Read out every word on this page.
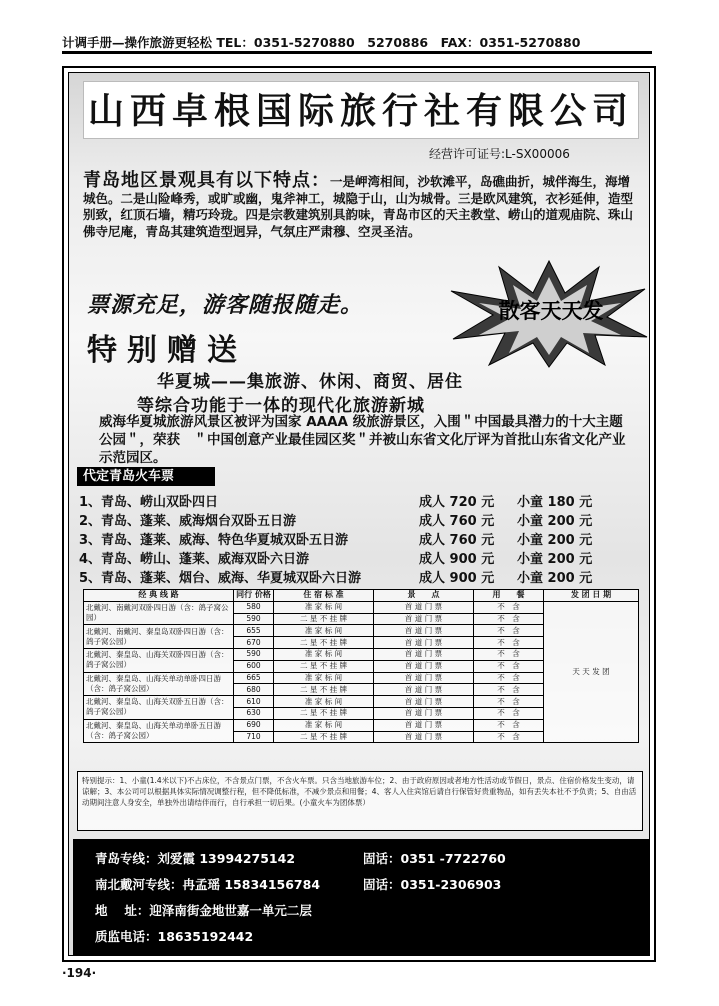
计调手册—操作旅游更轻松 TEL：0351-5270880　5270886　FAX：0351-5270880
山西卓根国际旅行社有限公司
经营许可证号:L-SX00006
青岛地区景观具有以下特点：一是岬湾相间，沙软滩平，岛礁曲折，城伴海生，海增城色。二是山险峰秀，或旷或幽，鬼斧神工，城隐于山，山为城骨。三是欧风建筑，衣衫延伸，造型别致，红顶石墙，精巧玲珑。四是宗教建筑别具韵味，青岛市区的天主教堂、崂山的道观庙院、珠山佛寺尼庵，青岛其建筑造型迥异，气氛庄严肃穆、空灵圣洁。
散客天天发
票源充足，游客随报随走。
特别赠送
华夏城——集旅游、休闲、商贸、居住
等综合功能于一体的现代化旅游新城
威海华夏城旅游风景区被评为国家 AAAA 级旅游景区，入围＂中国最具潜力的十大主题公园＂，荣获　＂中国创意产业最佳园区奖＂并被山东省文化厅评为首批山东省文化产业示范园区。
代定青岛火车票
1、青岛、崂山双卧四日	成人 720 元 小童 180 元
2、青岛、蓬莱、威海烟台双卧五日游	成人 760 元 小童 200 元
3、青岛、蓬莱、威海、特色华夏城双卧五日游	成人 760 元 小童 200 元
4、青岛、崂山、蓬莱、威海双卧六日游	成人 900 元 小童 200 元
5、青岛、蓬莱、烟台、威海、华夏城双卧六日游	成人 900 元 小童 200 元
经 典 线 路	同行 价格	住 宿 标 准	景　　点	用　　餐	发 团 日 期
北戴河、南戴河双卧四日游（含：鸽子窝公园）	580	准 家 标 间	首 道 门 票	不　含	天 天 发 团
	590	二 星 不 挂 牌	首 道 门 票	不　含	
北戴河、南戴河、秦皇岛双卧四日游（含：鸽子窝公园）	655	准 家 标 间	首 道 门 票	不　含	
	670	二 星 不 挂 牌	首 道 门 票	不　含	
北戴河、秦皇岛、山海关双卧四日游（含：鸽子窝公园）	590	准 家 标 间	首 道 门 票	不　含	
	600	二 星 不 挂 牌	首 道 门 票	不　含	
北戴河、秦皇岛、山海关单动单卧四日游（含：鸽子窝公园）	665	准 家 标 间	首 道 门 票	不　含	
	680	二 星 不 挂 牌	首 道 门 票	不　含	
北戴河、秦皇岛、山海关双卧五日游（含：鸽子窝公园）	610	准 家 标 间	首 道 门 票	不　含	
	630	二 星 不 挂 牌	首 道 门 票	不　含	
北戴河、秦皇岛、山海关单动单卧五日游（含：鸽子窝公园）	690	准 家 标 间	首 道 门 票	不　含	
	710	二 星 不 挂 牌	首 道 门 票	不　含	
特别提示：1、小童(1.4米以下)不占床位，不含景点门票，不含火车票。只含当地旅游车位；2、由于政府原因或者地方性活动或节假日，景点、住宿价格发生变动，请谅解；3、本公司可以根据具体实际情况调整行程，但不降低标准，不减少景点和用餐；4、客人入住宾馆后请自行保管好贵重物品，如有丢失本社不予负责；5、自由活动期间注意人身安全，单独外出请结伴而行，自行承担一切后果。(小童火车为团体票）
青岛专线：刘爱霞 13994275142	固话：0351 -7722760
南北戴河专线：冉孟瑶 15834156784	固话：0351-2306903
地　 址：迎泽南街金地世嘉一单元二层
质监电话：18635192442
·194·
